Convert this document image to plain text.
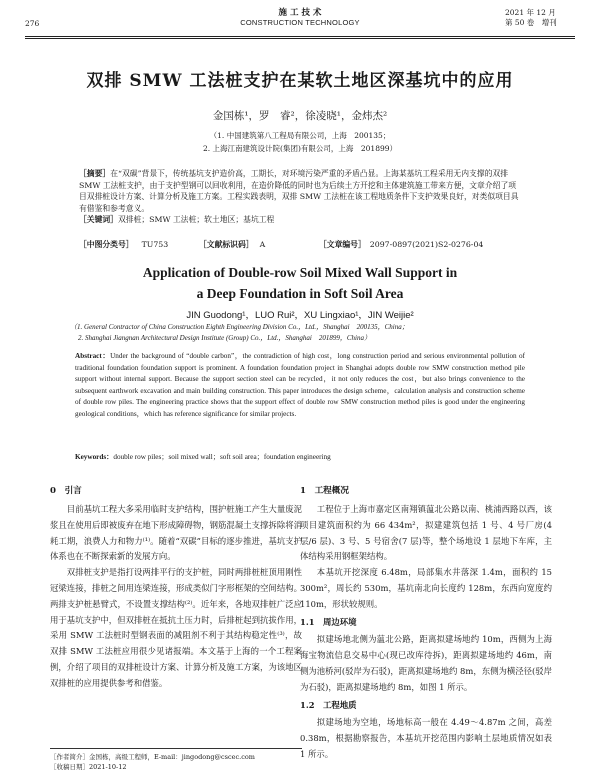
276
施 工 技 术
CONSTRUCTION TECHNOLOGY
2021 年 12 月
第 50 卷　增刊
双排 SMW 工法桩支护在某软土地区深基坑中的应用
金国栋¹，罗　睿²，徐凌晓¹，金炜杰²
（1. 中国建筑第八工程局有限公司，上海　200135；
2. 上海江南建筑设计院(集团)有限公司，上海　201899）

［摘要］在“双碳”背景下，传统基坑支护造价高，工期长，对环境污染严重的矛盾凸显。上海某基坑工程采用无内支撑的双排 SMW 工法桩支护，由于支护型钢可以回收利用，在造价降低的同时也为后续土方开挖和主体建筑施工带来方便，文章介绍了项目双排桩设计方案、计算分析及施工方案。工程实践表明，双排 SMW 工法桩在该工程地质条件下支护效果良好，对类似项目具有借鉴和参考意义。

［关键词］双排桩；SMW 工法桩；软土地区；基坑工程

［中图分类号］ TU753	［文献标识码］ A	［文章编号］ 2097-0897(2021)S2-0276-04
Application of Double-row Soil Mixed Wall Support in
a Deep Foundation in Soft Soil Area
JIN Guodong¹，LUO Rui²，XU Lingxiao¹，JIN Weijie²
（1. General Contractor of China Construction Eighth Engineering Division Co.，Ltd.，Shanghai　200135，China；
2. Shanghai Jiangnan Architectural Design Institute (Group) Co.，Ltd.，Shanghai　201899，China）
Abstract：Under the background of “double carbon”，the contradiction of high cost，long construction period and serious environmental pollution of traditional foundation foundation support is prominent. A foundation foundation project in Shanghai adopts double row SMW construction method pile support without internal support. Because the support section steel can be recycled，it not only reduces the cost，but also brings convenience to the subsequent earthwork excavation and main building construction. This paper introduces the design scheme，calculation analysis and construction scheme of double row piles. The engineering practice shows that the support effect of double row SMW construction method piles is good under the engineering geological conditions，which has reference significance for similar projects.
Keywords：double row piles；soil mixed wall；soft soil area；foundation engineering
0　引言

目前基坑工程大多采用临时支护结构，围护桩施工产生大量废泥浆且在使用后即被废弃在地下形成障碍物，钢筋混凝土支撑拆除将消耗工期，浪费人力和物力⁽¹⁾。随着“双碳”目标的逐步推进，基坑支护体系也在不断探索新的发展方向。

双排桩支护是指打设两排平行的支护桩，同时两排桩桩顶用刚性冠梁连接，排桩之间用连梁连接，形成类似门字形框架的空间结构。两排支护桩悬臂式，不设置支撑结构⁽²⁾。近年来，各地双排桩广泛应用于基坑支护中，但双排桩在抵抗土压力时，后排桩起到抗拔作用，采用 SMW 工法桩时型钢表面的减阻剂不利于其结构稳定性⁽³⁾，故双排 SMW 工法桩应用很少见诸报端。本文基于上海的一个工程案例，介绍了项目的双排桩设计方案、计算分析及施工方案，为该地区双排桩的应用提供参考和借鉴。

1　工程概况

工程位于上海市嘉定区南翔镇蕰北公路以南、桃浦西路以西，该项目建筑面积约为 66 434m²，拟建建筑包括 1 号、4 号厂房(4 层/6 层)、3 号、5 号宿舍(7 层)等，整个场地设 1 层地下车库，主体结构采用钢框架结构。

本基坑开挖深度 6.48m，局部集水井落深 1.4m，面积约 15 300m²，周长约 530m，基坑南北向长度约 128m，东西向宽度约 110m，形状较规则。

1.1　周边环境

拟建场地北侧为蕰北公路，距离拟建场地约 10m，西侧为上海海宝物流信息交易中心(现已改库待拆)，距离拟建场地约 46m，南侧为池桥河(驳岸为石驳)，距离拟建场地约 8m，东侧为横泾径(驳岸为石驳)，距离拟建场地约 8m，如图 1 所示。

1.2　工程地质

拟建场地为空地，场地标高一般在 4.49～4.87m 之间，高差 0.38m，根据勘察报告，本基坑开挖范围内影响土层地质情况如表 1 所示。

［作者简介］金国栋，高级工程师，E-mail：jingodong@cscec.com
［收稿日期］2021-10-12
